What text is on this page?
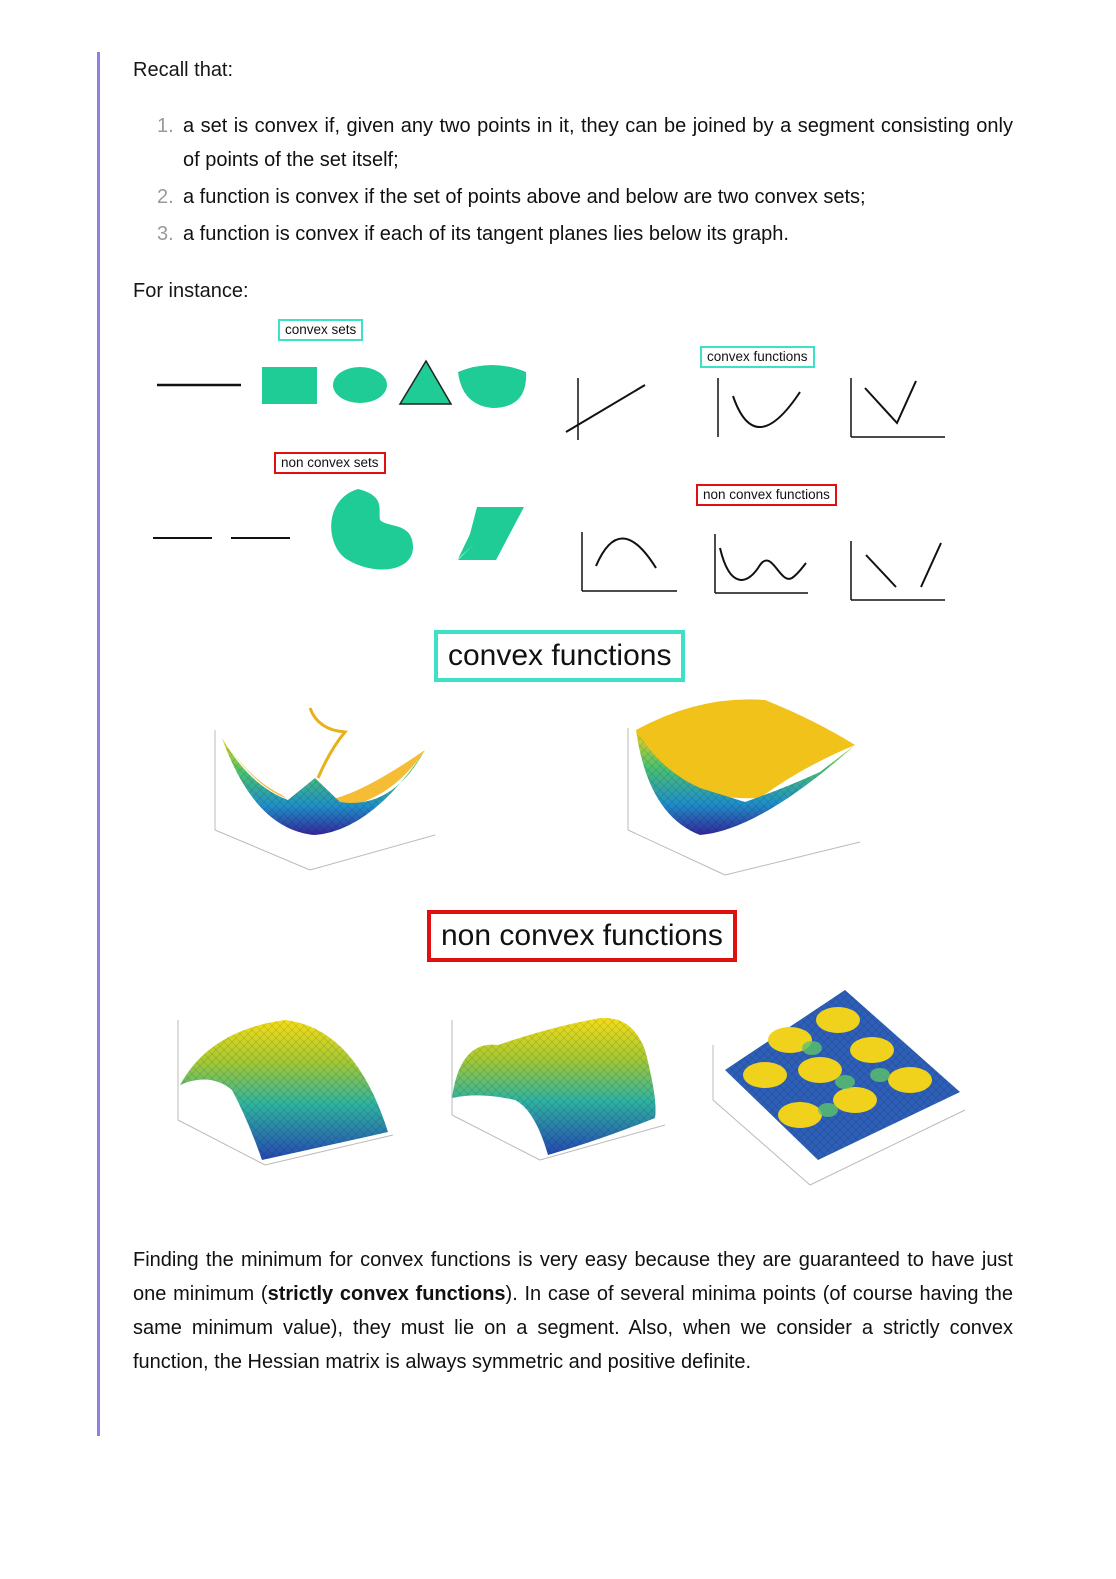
Recall that:
1. a set is convex if, given any two points in it, they can be joined by a segment consisting only of points of the set itself;
2. a function is convex if the set of points above and below are two convex sets;
3. a function is convex if each of its tangent planes lies below its graph.
For instance:
convex sets
non convex sets
convex functions
non convex functions
convex functions
non convex functions
Finding the minimum for convex functions is very easy because they are guaranteed to have just one minimum (strictly convex functions). In case of several minima points (of course having the same minimum value), they must lie on a segment. Also, when we consider a strictly convex function, the Hessian matrix is always symmetric and positive definite.
